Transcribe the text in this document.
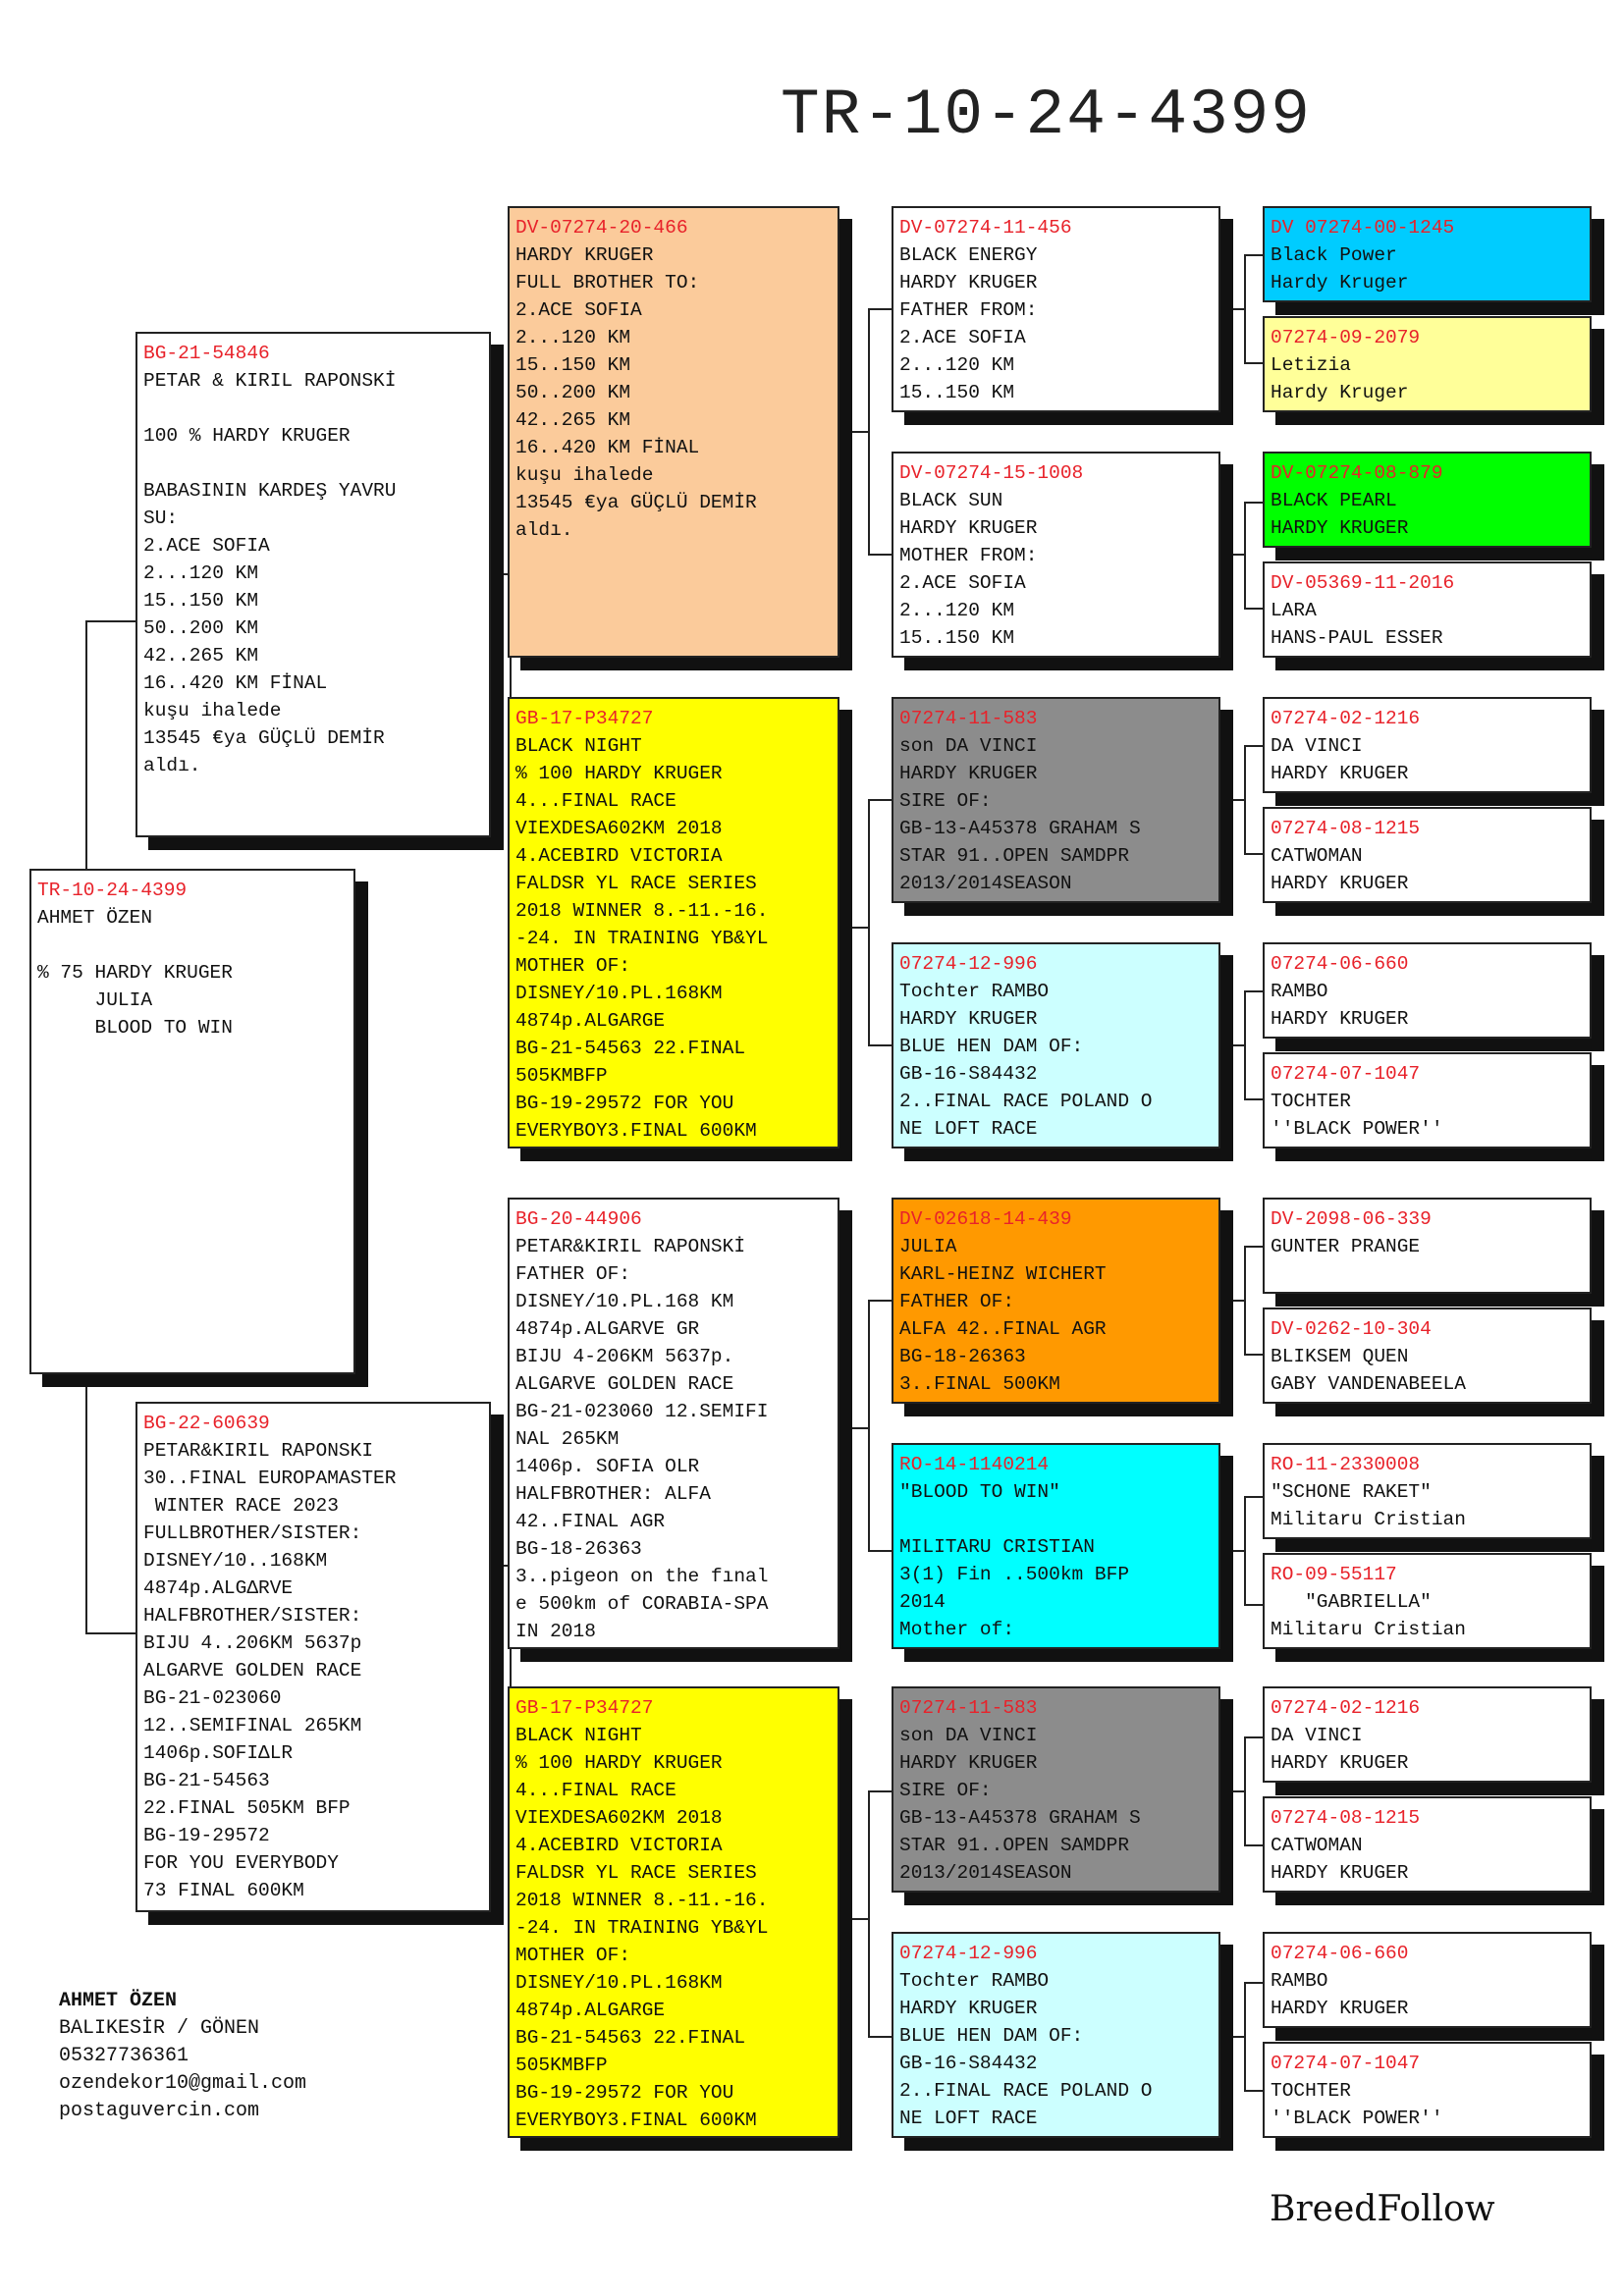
TR-10-24-4399
TR-10-24-4399
AHMET ÖZEN
% 75 HARDY KRUGER
JULIA
BLOOD TO WIN
BG-21-54846
PETAR & KIRIL RAPONSKİ
100 % HARDY KRUGER
BABASININ KARDEŞ YAVRU
SU:
2.ACE SOFIA
2...120 KM
15..150 KM
50..200 KM
42..265 KM
16..420 KM FİNAL
kuşu ihalede
13545 €ya GÜÇLÜ DEMİR
aldı.
BG-22-60639
PETAR&KIRIL RAPONSKI
30..FINAL EUROPAMASTER
WINTER RACE 2023
FULLBROTHER/SISTER:
DISNEY/10..168KM
4874p.ALGΔRVE
HALFBROTHER/SISTER:
BIJU 4..206KM 5637p
ALGARVE GOLDEN RACE
BG-21-023060
12..SEMIFINAL 265KM
1406p.SOFIΔLR
BG-21-54563
22.FINAL 505KM BFP
BG-19-29572
FOR YOU EVERYBODY
73 FINAL 600KM
DV-07274-20-466
HARDY KRUGER
FULL BROTHER TO:
2.ACE SOFIA
2...120 KM
15..150 KM
50..200 KM
42..265 KM
16..420 KM FİNAL
kuşu ihalede
13545 €ya GÜÇLÜ DEMİR
aldı.
GB-17-P34727
BLACK NIGHT
% 100 HARDY KRUGER
4...FINAL RACE
VIEXDESA602KM 2018
4.ACEBIRD VICTORIA
FALDSR YL RACE SERIES
2018 WINNER 8.-11.-16.
-24. IN TRAINING YB&YL
MOTHER OF:
DISNEY/10.PL.168KM
4874p.ALGARGE
BG-21-54563 22.FINAL
505KMBFP
BG-19-29572 FOR YOU
EVERYBOY3.FINAL 600KM
BG-20-44906
PETAR&KIRIL RAPONSKİ
FATHER OF:
DISNEY/10.PL.168 KM
4874p.ALGARVE GR
BIJU 4-206KM 5637p.
ALGARVE GOLDEN RACE
BG-21-023060 12.SEMIFI
NAL 265KM
1406p. SOFIA OLR
HALFBROTHER: ALFA
42..FINAL AGR
BG-18-26363
3..pigeon on the fınal
e 500km of CORABIA-SPA
IN 2018
GB-17-P34727
BLACK NIGHT
% 100 HARDY KRUGER
4...FINAL RACE
VIEXDESA602KM 2018
4.ACEBIRD VICTORIA
FALDSR YL RACE SERIES
2018 WINNER 8.-11.-16.
-24. IN TRAINING YB&YL
MOTHER OF:
DISNEY/10.PL.168KM
4874p.ALGARGE
BG-21-54563 22.FINAL
505KMBFP
BG-19-29572 FOR YOU
EVERYBOY3.FINAL 600KM
DV-07274-11-456
BLACK ENERGY
HARDY KRUGER
FATHER FROM:
2.ACE SOFIA
2...120 KM
15..150 KM
DV-07274-15-1008
BLACK SUN
HARDY KRUGER
MOTHER FROM:
2.ACE SOFIA
2...120 KM
15..150 KM
07274-11-583
son DA VINCI
HARDY KRUGER
SIRE OF:
GB-13-A45378 GRAHAM S
STAR 91..OPEN SAMDPR
2013/2014SEASON
07274-12-996
Tochter RAMBO
HARDY KRUGER
BLUE HEN DAM OF:
GB-16-S84432
2..FINAL RACE POLAND O
NE LOFT RACE
DV-02618-14-439
JULIA
KARL-HEINZ WICHERT
FATHER OF:
ALFA 42..FINAL AGR
BG-18-26363
3..FINAL 500KM
RO-14-1140214
"BLOOD TO WIN"
MILITARU CRISTIAN
3(1) Fin ..500km BFP
2014
Mother of:
07274-11-583
son DA VINCI
HARDY KRUGER
SIRE OF:
GB-13-A45378 GRAHAM S
STAR 91..OPEN SAMDPR
2013/2014SEASON
07274-12-996
Tochter RAMBO
HARDY KRUGER
BLUE HEN DAM OF:
GB-16-S84432
2..FINAL RACE POLAND O
NE LOFT RACE
DV 07274-00-1245
Black Power
Hardy Kruger
07274-09-2079
Letizia
Hardy Kruger
DV-07274-08-879
BLACK PEARL
HARDY KRUGER
DV-05369-11-2016
LARA
HANS-PAUL ESSER
07274-02-1216
DA VINCI
HARDY KRUGER
07274-08-1215
CATWOMAN
HARDY KRUGER
07274-06-660
RAMBO
HARDY KRUGER
07274-07-1047
TOCHTER
''BLACK POWER''
DV-2098-06-339
GUNTER PRANGE
DV-0262-10-304
BLIKSEM QUEN
GABY VANDENABEELA
RO-11-2330008
"SCHONE RAKET"
Militaru Cristian
RO-09-55117
"GABRIELLA"
Militaru Cristian
07274-02-1216
DA VINCI
HARDY KRUGER
07274-08-1215
CATWOMAN
HARDY KRUGER
07274-06-660
RAMBO
HARDY KRUGER
07274-07-1047
TOCHTER
''BLACK POWER''
AHMET ÖZEN
BALIKESİR / GÖNEN
05327736361
ozendekor10@gmail.com
postaguvercin.com
BreedFollow
